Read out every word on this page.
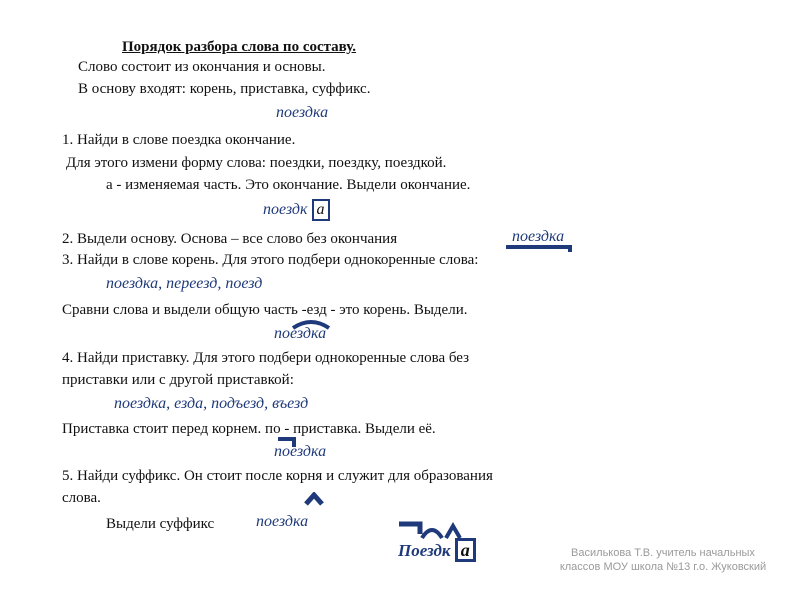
Порядок разбора слова по составу.
Слово состоит из окончания и основы.
В основу входят: корень, приставка, суффикс.
поездка
1. Найди в слове поездка окончание.
Для этого измени форму слова: поездки, поездку, поездкой.
а - изменяемая часть. Это окончание. Выдели окончание.
поездк а
2. Выдели основу. Основа – все слово без окончания	поездка
3. Найди в слове корень. Для этого подбери однокоренные слова:
поездка, переезд, поезд
Сравни слова и выдели общую часть -езд - это корень. Выдели.
поездка
4. Найди приставку. Для этого подбери однокоренные слова без
приставки или с другой приставкой:
поездка, езда, подъезд, въезд
Приставка стоит перед корнем. по - приставка. Выдели её.
поездка
5. Найди суффикс. Он стоит после корня и служит для образования
слова.
Выдели суффикс	поездка
Поездк а	Василькова Т.В. учитель начальных классов МОУ школа №13 г.о. Жуковский
